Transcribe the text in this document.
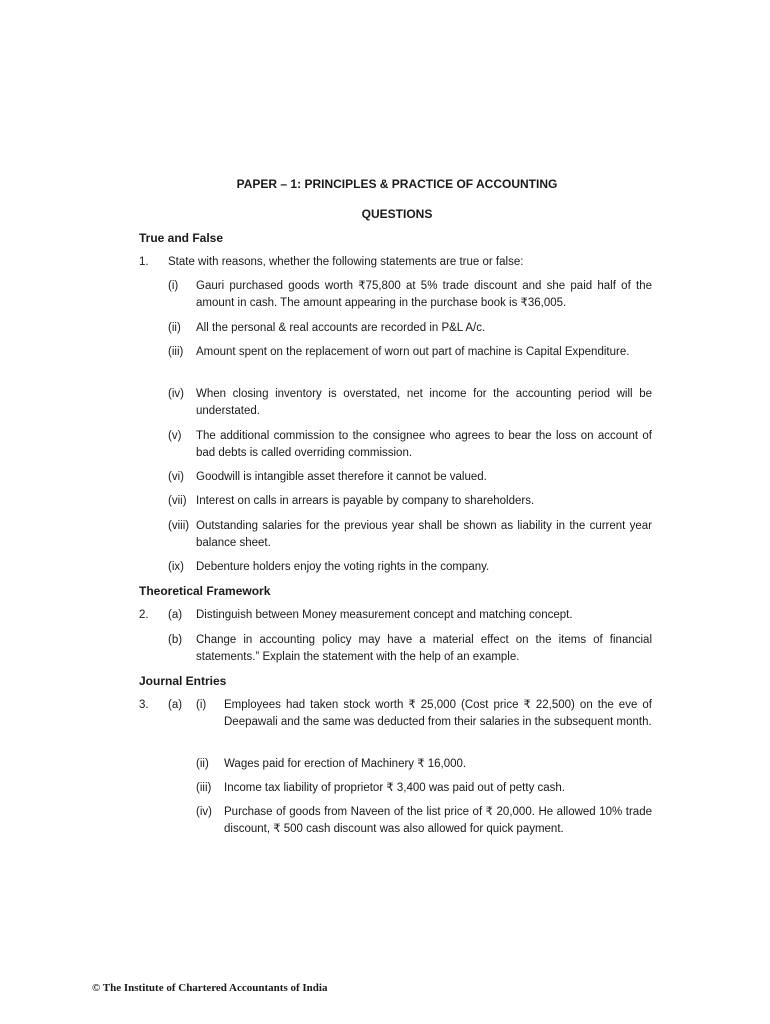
PAPER – 1: PRINCIPLES & PRACTICE OF ACCOUNTING
QUESTIONS
True and False
1. State with reasons, whether the following statements are true or false:
(i) Gauri purchased goods worth ₹75,800 at 5% trade discount and she paid half of the amount in cash. The amount appearing in the purchase book is ₹36,005.
(ii) All the personal & real accounts are recorded in P&L A/c.
(iii) Amount spent on the replacement of worn out part of machine is Capital Expenditure.
(iv) When closing inventory is overstated, net income for the accounting period will be understated.
(v) The additional commission to the consignee who agrees to bear the loss on account of bad debts is called overriding commission.
(vi) Goodwill is intangible asset therefore it cannot be valued.
(vii) Interest on calls in arrears is payable by company to shareholders.
(viii) Outstanding salaries for the previous year shall be shown as liability in the current year balance sheet.
(ix) Debenture holders enjoy the voting rights in the company.
Theoretical Framework
2. (a) Distinguish between Money measurement concept and matching concept.
(b) Change in accounting policy may have a material effect on the items of financial statements.” Explain the statement with the help of an example.
Journal Entries
3. (a) (i) Employees had taken stock worth ₹ 25,000 (Cost price ₹ 22,500) on the eve of Deepawali and the same was deducted from their salaries in the subsequent month.
(ii) Wages paid for erection of Machinery ₹ 16,000.
(iii) Income tax liability of proprietor ₹ 3,400 was paid out of petty cash.
(iv) Purchase of goods from Naveen of the list price of ₹ 20,000. He allowed 10% trade discount, ₹ 500 cash discount was also allowed for quick payment.
© The Institute of Chartered Accountants of India
